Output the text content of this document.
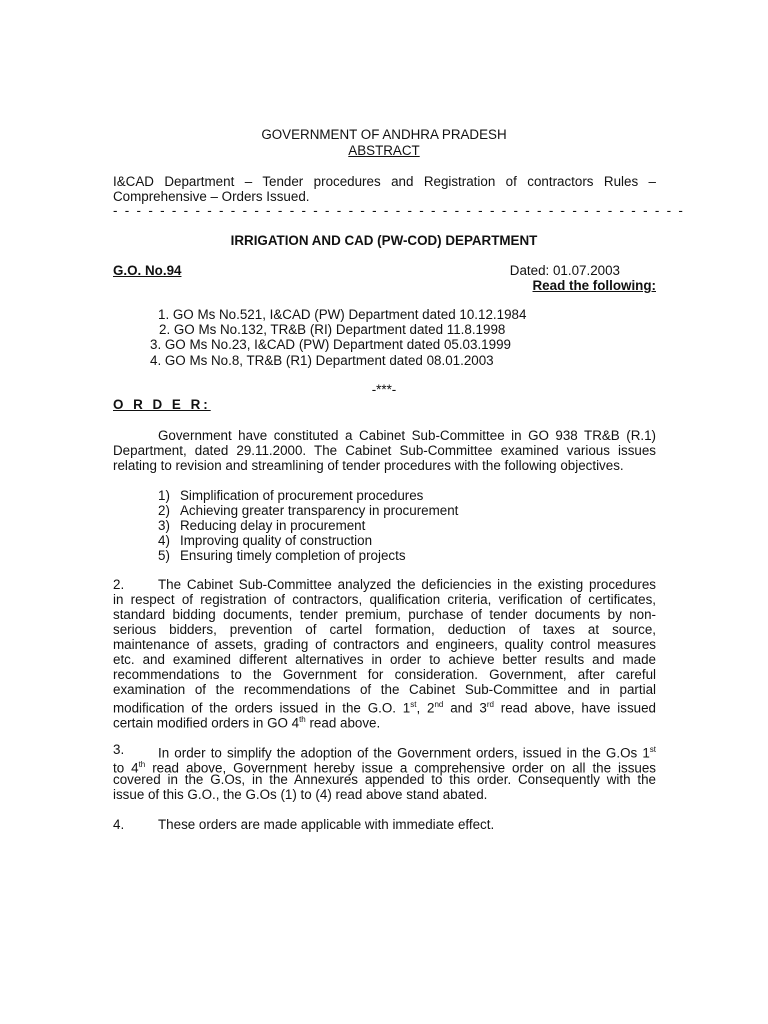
GOVERNMENT OF ANDHRA PRADESH
ABSTRACT
I&CAD Department – Tender procedures and Registration of contractors Rules –
Comprehensive – Orders Issued.
- - - - - - - - - - - - - - - - - - - - - - - - - - - - - - - - - - - - - - - - - - - - - - - - -
IRRIGATION AND CAD (PW-COD) DEPARTMENT
G.O. No.94	Dated: 01.07.2003
Read the following:
1. GO Ms No.521, I&CAD (PW) Department dated 10.12.1984
2. GO Ms No.132, TR&B (RI) Department dated 11.8.1998
3. GO Ms No.23, I&CAD (PW) Department dated 05.03.1999
4. GO Ms No.8, TR&B (R1) Department dated 08.01.2003
-***-
O R D E R:
Government have constituted a Cabinet Sub-Committee in GO 938 TR&B (R.1)
Department, dated 29.11.2000. The Cabinet Sub-Committee examined various issues
relating to revision and streamlining of tender procedures with the following objectives.
1) Simplification of procurement procedures
2) Achieving greater transparency in procurement
3) Reducing delay in procurement
4) Improving quality of construction
5) Ensuring timely completion of projects
2.	The Cabinet Sub-Committee analyzed the deficiencies in the existing procedures
in respect of registration of contractors, qualification criteria, verification of certificates,
standard bidding documents, tender premium, purchase of tender documents by non-
serious bidders, prevention of cartel formation, deduction of taxes at source,
maintenance of assets, grading of contractors and engineers, quality control measures
etc. and examined different alternatives in order to achieve better results and made
recommendations to the Government for consideration. Government, after careful
examination of the recommendations of the Cabinet Sub-Committee and in partial
modification of the orders issued in the G.O. 1st, 2nd and 3rd read above, have issued
certain modified orders in GO 4th read above.
3.	In order to simplify the adoption of the Government orders, issued in the G.Os 1st
to 4th read above, Government hereby issue a comprehensive order on all the issues
covered in the G.Os, in the Annexures appended to this order. Consequently with the
issue of this G.O., the G.Os (1) to (4) read above stand abated.
4.	These orders are made applicable with immediate effect.
